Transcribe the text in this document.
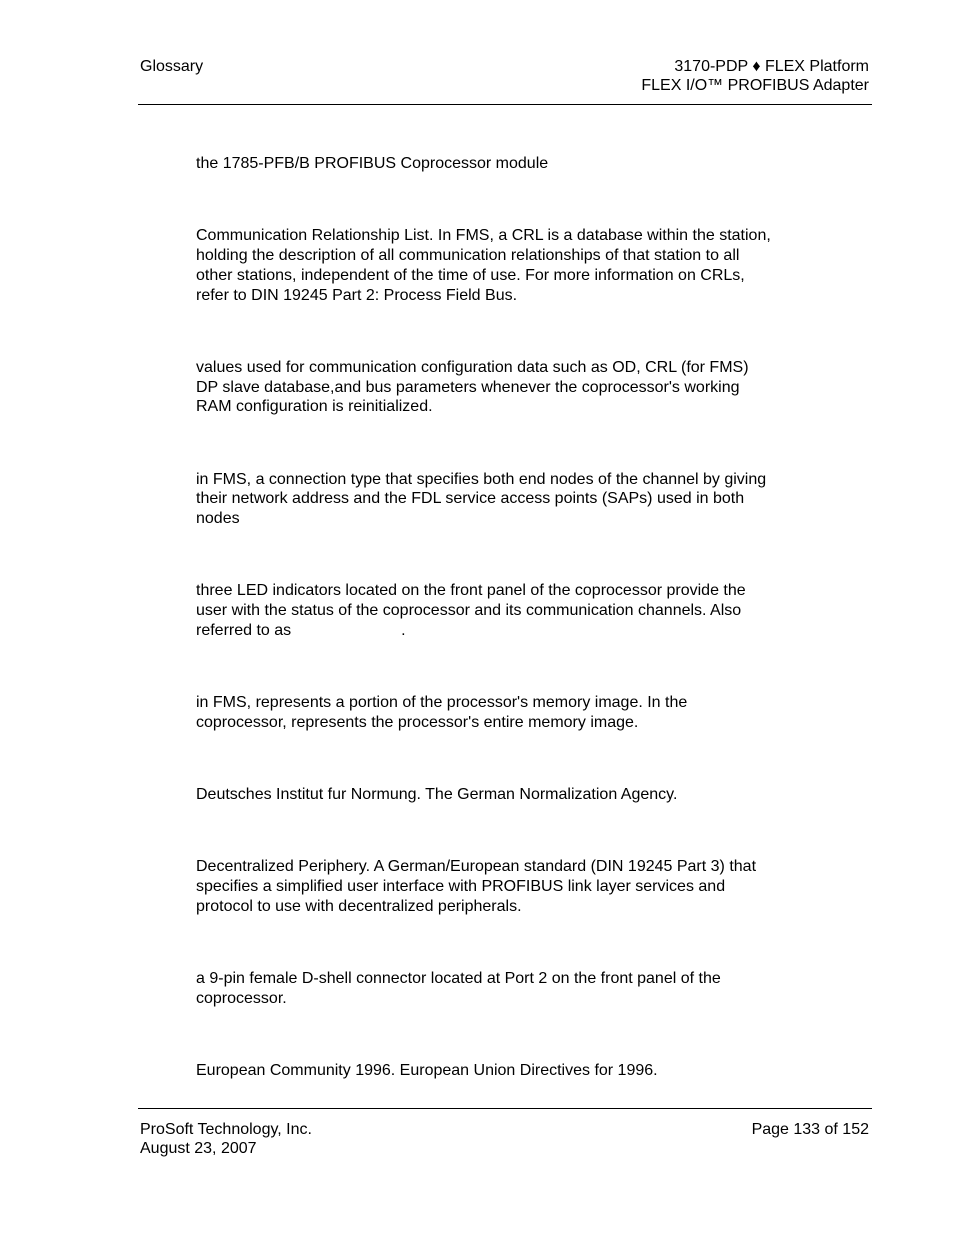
Glossary	3170-PDP ♦ FLEX Platform
FLEX I/O™ PROFIBUS Adapter
the 1785-PFB/B PROFIBUS Coprocessor module
Communication Relationship List. In FMS, a CRL is a database within the station,
holding the description of all communication relationships of that station to all
other stations, independent of the time of use. For more information on CRLs,
refer to DIN 19245 Part 2: Process Field Bus.
values used for communication configuration data such as OD, CRL (for FMS)
DP slave database,and bus parameters whenever the coprocessor's working
RAM configuration is reinitialized.
in FMS, a connection type that specifies both end nodes of the channel by giving
their network address and the FDL service access points (SAPs) used in both
nodes
three LED indicators located on the front panel of the coprocessor provide the
user with the status of the coprocessor and its communication channels. Also
referred to as	.
in FMS, represents a portion of the processor's memory image. In the
coprocessor, represents the processor's entire memory image.
Deutsches Institut fur Normung. The German Normalization Agency.
Decentralized Periphery. A German/European standard (DIN 19245 Part 3) that
specifies a simplified user interface with PROFIBUS link layer services and
protocol to use with decentralized peripherals.
a 9-pin female D-shell connector located at Port 2 on the front panel of the
coprocessor.
European Community 1996. European Union Directives for 1996.
ProSoft Technology, Inc.
August 23, 2007
Page 133 of 152
